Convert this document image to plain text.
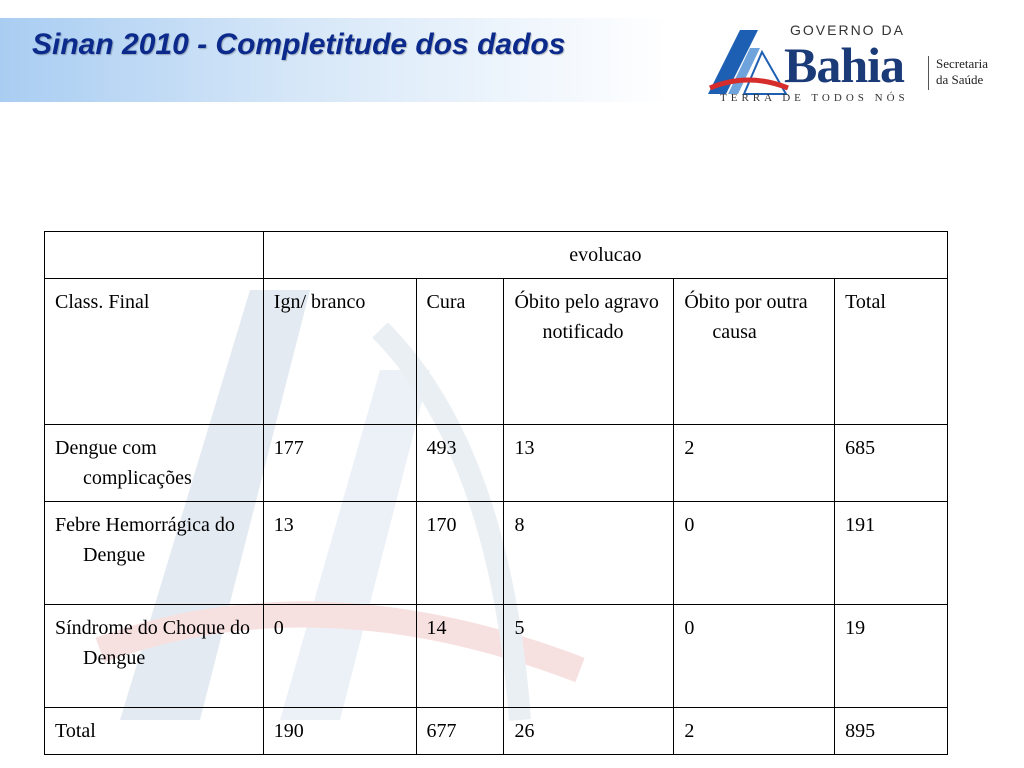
Sinan 2010 - Completitude dos dados	GOVERNO DA
Bahia Secretaria
da Saúde
TERRA DE TODOS NÓS
	evolucao				
Class. Final	Ign/ branco	Cura	Óbito pelo agravo notificado	Óbito por outra causa	Total
Dengue com complicações	177	493	13	2	685
Febre Hemorrágica do Dengue	13	170	8	0	191
Síndrome do Choque do Dengue	0	14	5	0	19
Total	190	677	26	2	895
